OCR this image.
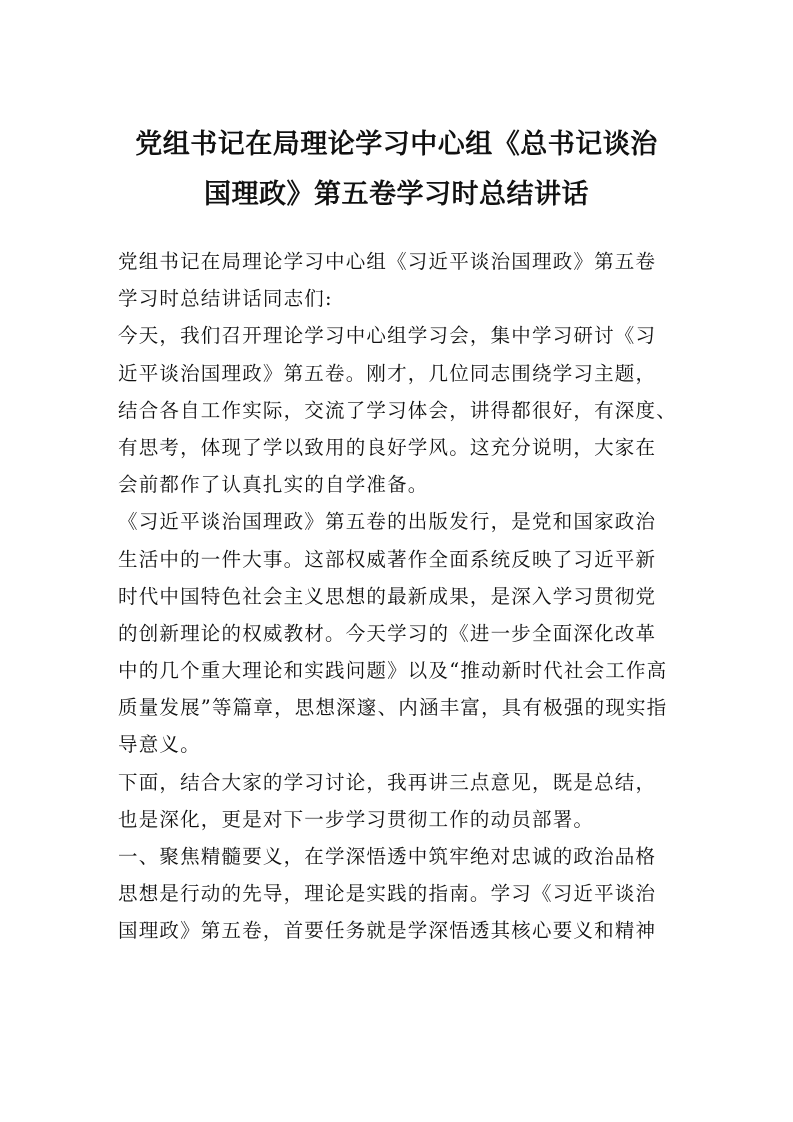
党组书记在局理论学习中心组《总书记谈治
国理政》第五卷学习时总结讲话
党组书记在局理论学习中心组《习近平谈治国理政》第五卷
学习时总结讲话同志们:
今天，我们召开理论学习中心组学习会，集中学习研讨《习
近平谈治国理政》第五卷。刚才，几位同志围绕学习主题，
结合各自工作实际，交流了学习体会，讲得都很好，有深度、
有思考，体现了学以致用的良好学风。这充分说明，大家在
会前都作了认真扎实的自学准备。
《习近平谈治国理政》第五卷的出版发行，是党和国家政治
生活中的一件大事。这部权威著作全面系统反映了习近平新
时代中国特色社会主义思想的最新成果，是深入学习贯彻党
的创新理论的权威教材。今天学习的《进一步全面深化改革
中的几个重大理论和实践问题》以及“推动新时代社会工作高
质量发展”等篇章，思想深邃、内涵丰富，具有极强的现实指
导意义。
下面，结合大家的学习讨论，我再讲三点意见，既是总结，
也是深化，更是对下一步学习贯彻工作的动员部署。
一、聚焦精髓要义，在学深悟透中筑牢绝对忠诚的政治品格
思想是行动的先导，理论是实践的指南。学习《习近平谈治
国理政》第五卷，首要任务就是学深悟透其核心要义和精神
